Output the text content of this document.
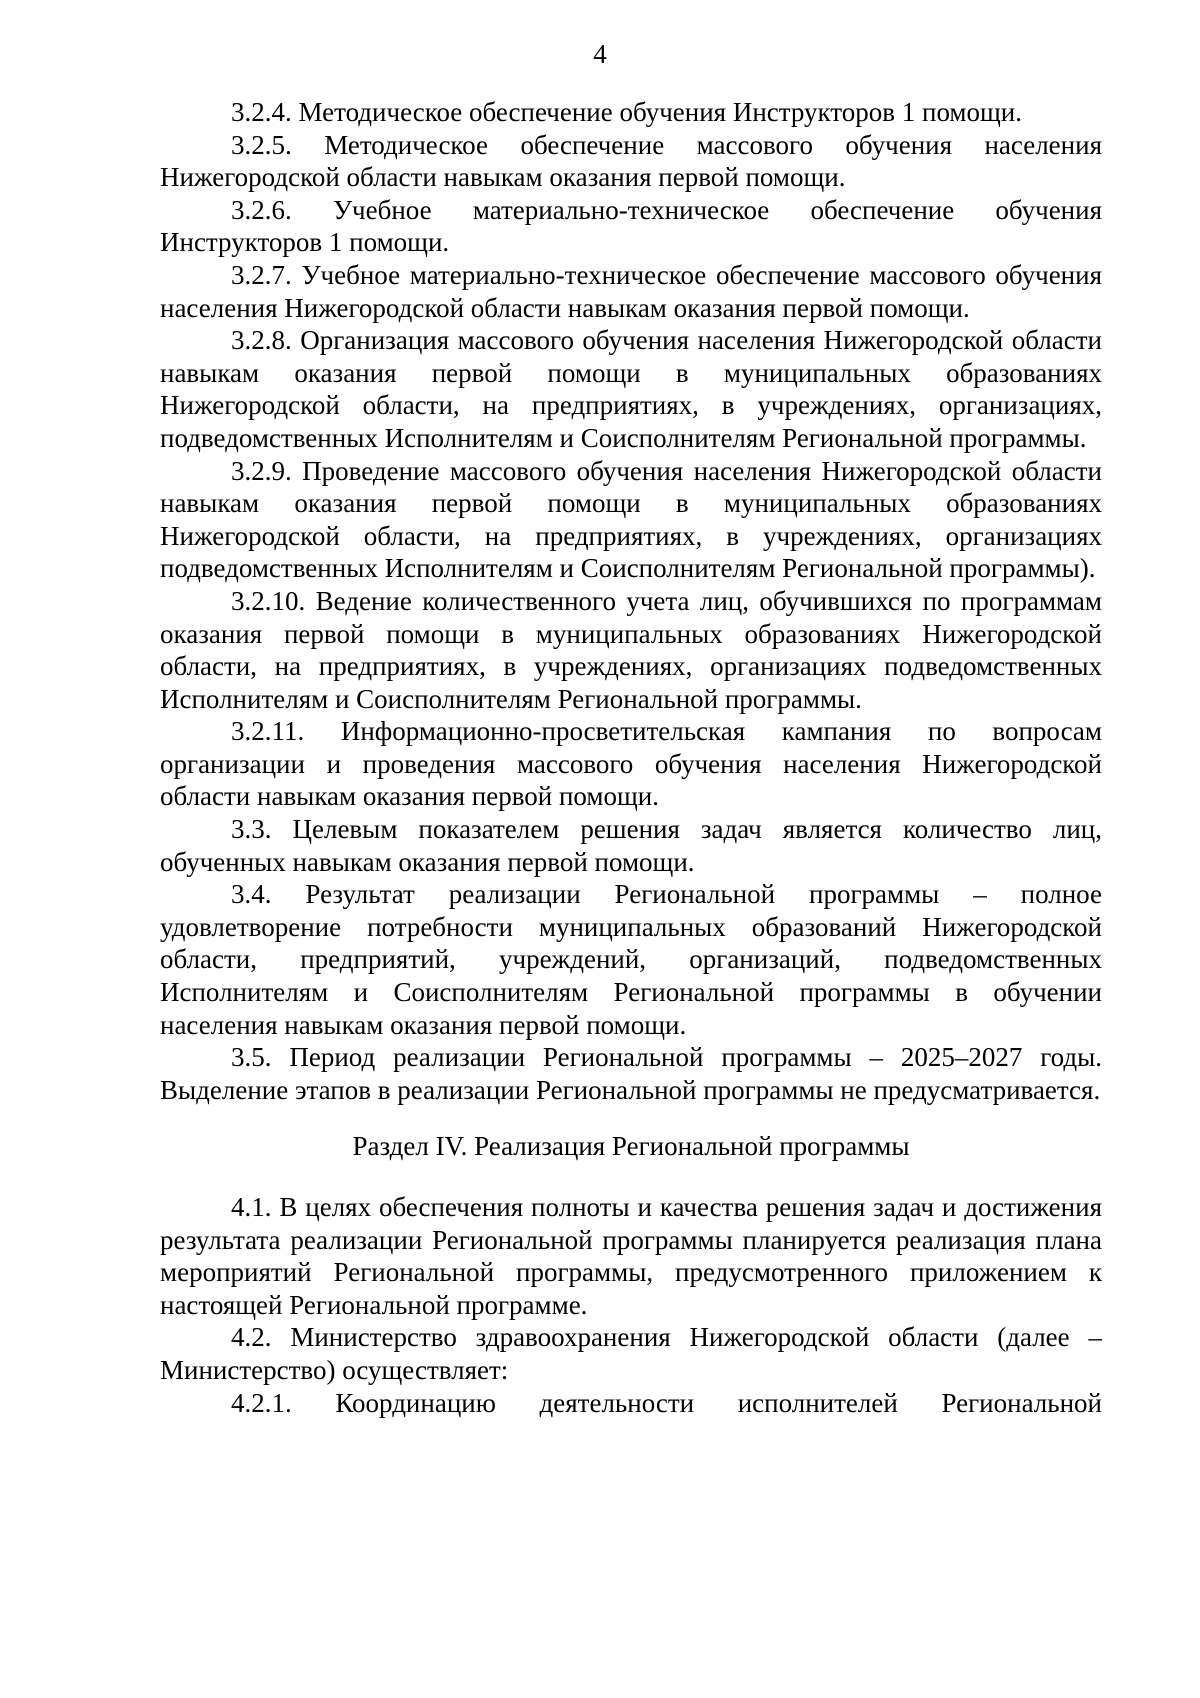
4

3.2.4. Методическое обеспечение обучения Инструкторов 1 помощи.

3.2.5. Методическое обеспечение массового обучения населения Нижегородской области навыкам оказания первой помощи.

3.2.6. Учебное материально-техническое обеспечение обучения Инструкторов 1 помощи.

3.2.7. Учебное материально-техническое обеспечение массового обучения населения Нижегородской области навыкам оказания первой помощи.

3.2.8. Организация массового обучения населения Нижегородской области навыкам оказания первой помощи в муниципальных образованиях Нижегородской области, на предприятиях, в учреждениях, организациях, подведомственных Исполнителям и Соисполнителям Региональной программы.

3.2.9. Проведение массового обучения населения Нижегородской области навыкам оказания первой помощи в муниципальных образованиях Нижегородской области, на предприятиях, в учреждениях, организациях подведомственных Исполнителям и Соисполнителям Региональной программы).

3.2.10. Ведение количественного учета лиц, обучившихся по программам оказания первой помощи в муниципальных образованиях Нижегородской области, на предприятиях, в учреждениях, организациях подведомственных Исполнителям и Соисполнителям Региональной программы.

3.2.11. Информационно-просветительская кампания по вопросам организации и проведения массового обучения населения Нижегородской области навыкам оказания первой помощи.

3.3. Целевым показателем решения задач является количество лиц, обученных навыкам оказания первой помощи.

3.4. Результат реализации Региональной программы – полное удовлетворение потребности муниципальных образований Нижегородской области, предприятий, учреждений, организаций, подведомственных Исполнителям и Соисполнителям Региональной программы в обучении населения навыкам оказания первой помощи.

3.5. Период реализации Региональной программы – 2025–2027 годы. Выделение этапов в реализации Региональной программы не предусматривается.

Раздел IV. Реализация Региональной программы

4.1. В целях обеспечения полноты и качества решения задач и достижения результата реализации Региональной программы планируется реализация плана мероприятий Региональной программы, предусмотренного приложением к настоящей Региональной программе.

4.2. Министерство здравоохранения Нижегородской области (далее – Министерство) осуществляет:

4.2.1. Координацию деятельности исполнителей Региональной
